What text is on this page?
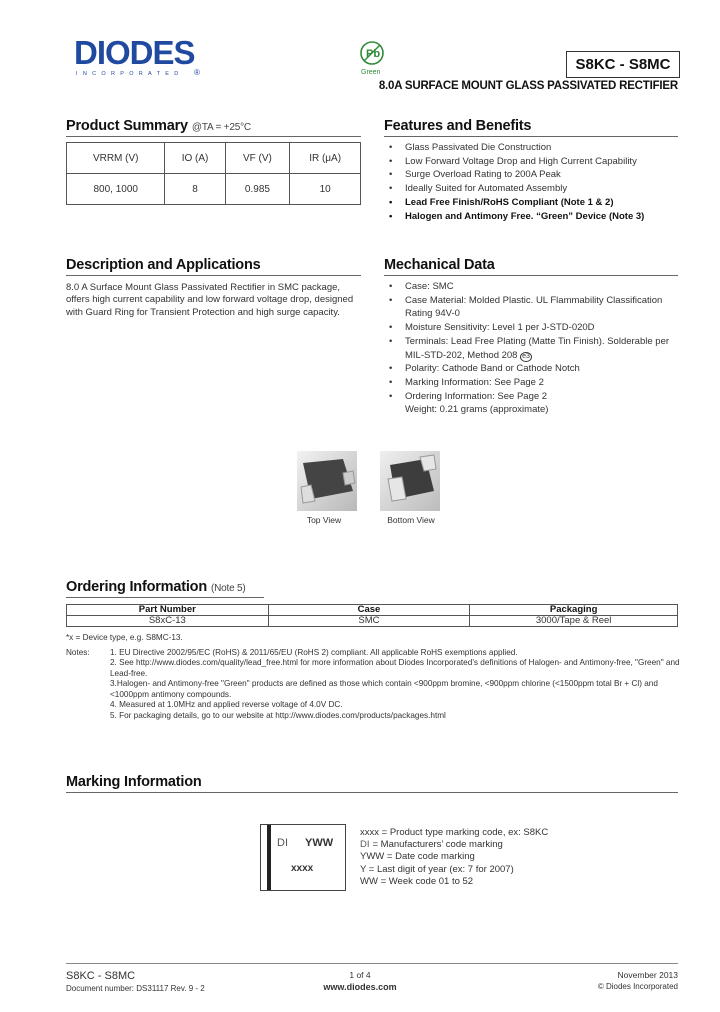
DIODES
INCORPORATED ®
Pb
Green	S8KC - S8MC
8.0A SURFACE MOUNT GLASS PASSIVATED RECTIFIER
Product Summary @TA = +25°C
VRRM (V)	IO (A)	VF (V)	IR (μA)
800, 1000	8	0.985	10
Features and Benefits
• Glass Passivated Die Construction
• Low Forward Voltage Drop and High Current Capability
• Surge Overload Rating to 200A Peak
• Ideally Suited for Automated Assembly
• Lead Free Finish/RoHS Compliant (Note 1 & 2)
• Halogen and Antimony Free. “Green” Device (Note 3)
Description and Applications
8.0 A Surface Mount Glass Passivated Rectifier in SMC package, offers high current capability and low forward voltage drop, designed with Guard Ring for Transient Protection and high surge capacity.
Mechanical Data
• Case: SMC
• Case Material: Molded Plastic. UL Flammability Classification Rating 94V-0
• Moisture Sensitivity: Level 1 per J-STD-020D
• Terminals: Lead Free Plating (Matte Tin Finish). Solderable per MIL-STD-202, Method 208 e3
• Polarity: Cathode Band or Cathode Notch
• Marking Information: See Page 2
• Ordering Information: See Page 2
Weight: 0.21 grams (approximate)
Top View	Bottom View
Ordering Information (Note 5)
Part Number	Case	Packaging
S8xC-13	SMC	3000/Tape & Reel
*x = Device type, e.g. S8MC-13.
Notes:	1. EU Directive 2002/95/EC (RoHS) & 2011/65/EU (RoHS 2) compliant. All applicable RoHS exemptions applied.
2. See http://www.diodes.com/quality/lead_free.html for more information about Diodes Incorporated’s definitions of Halogen- and Antimony-free, "Green" and Lead-free.
3.Halogen- and Antimony-free "Green" products are defined as those which contain <900ppm bromine, <900ppm chlorine (<1500ppm total Br + Cl) and <1000ppm antimony compounds.
4. Measured at 1.0MHz and applied reverse voltage of 4.0V DC.
5. For packaging details, go to our website at http://www.diodes.com/products/packages.html
Marking Information
DI YWW
xxxx
xxxx = Product type marking code, ex: S8KC
DI = Manufacturers’ code marking
YWW = Date code marking
Y = Last digit of year (ex: 7 for 2007)
WW = Week code 01 to 52
S8KC - S8MC
Document number: DS31117 Rev. 9 - 2
1 of 4
www.diodes.com
November 2013
© Diodes Incorporated
